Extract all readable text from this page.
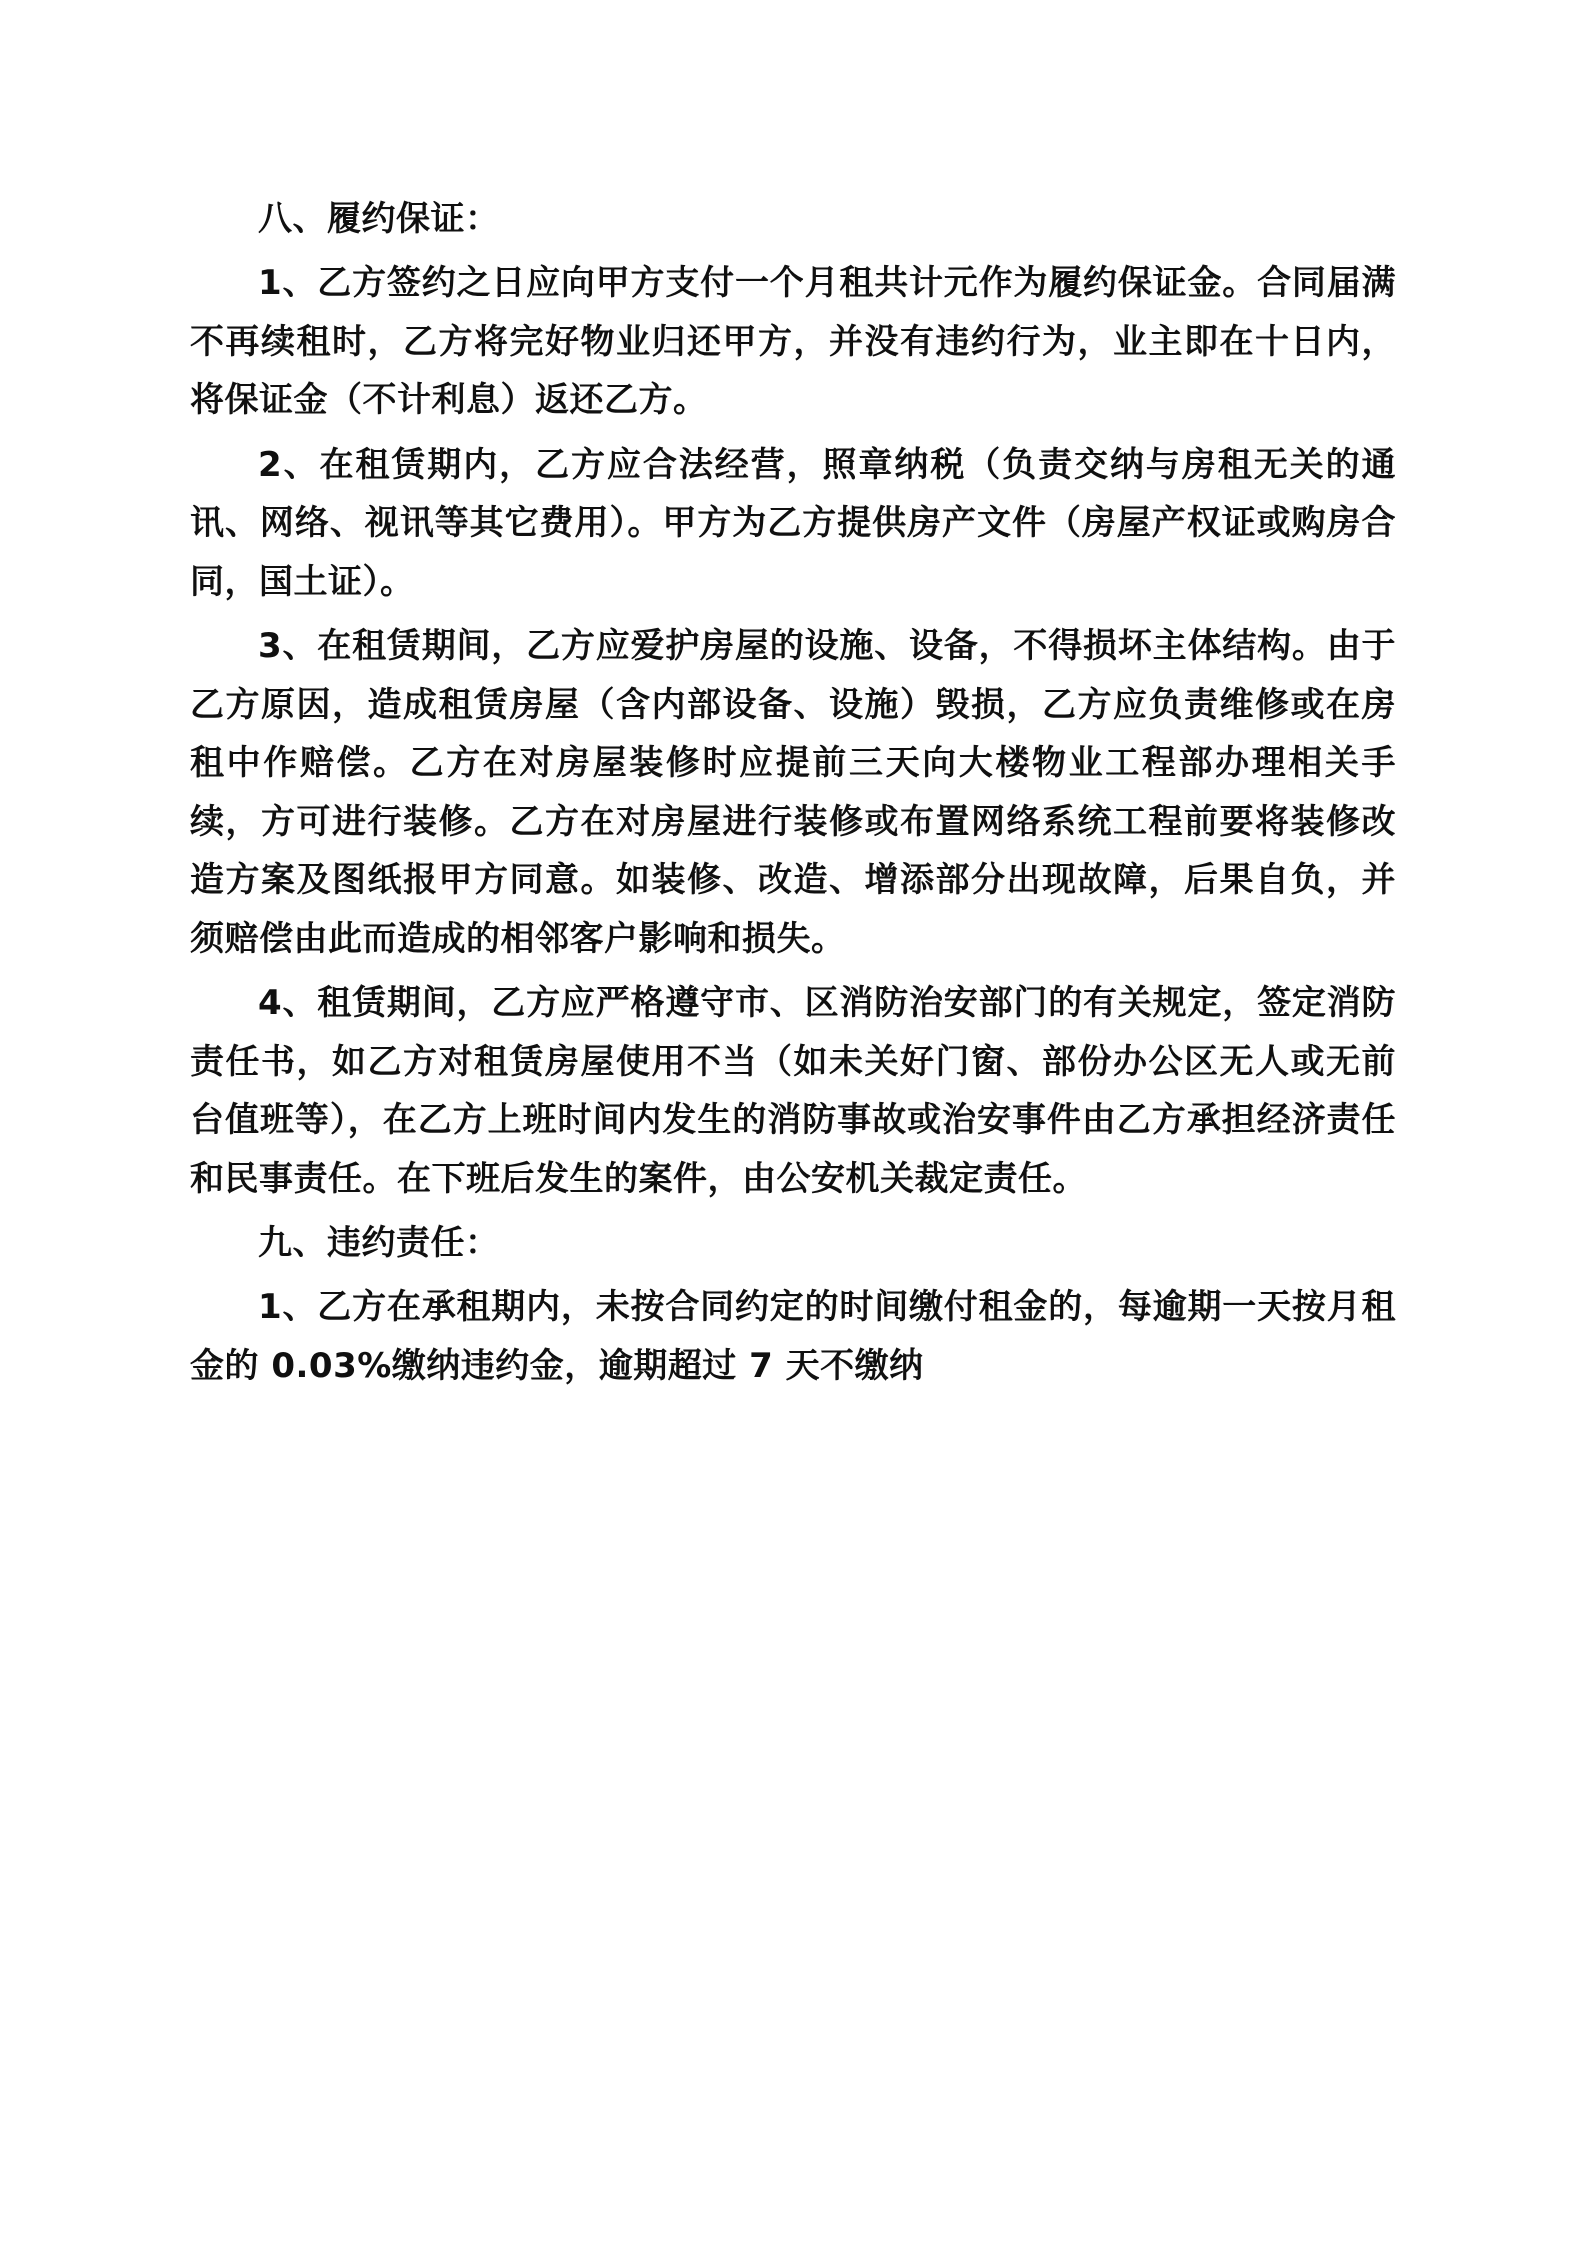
八、履约保证：

1、乙方签约之日应向甲方支付一个月租共计元作为履约保证金。合同届满不再续租时，乙方将完好物业归还甲方，并没有违约行为，业主即在十日内，将保证金（不计利息）返还乙方。

2、在租赁期内，乙方应合法经营，照章纳税（负责交纳与房租无关的通讯、网络、视讯等其它费用）。甲方为乙方提供房产文件（房屋产权证或购房合同，国土证）。

3、在租赁期间，乙方应爱护房屋的设施、设备，不得损坏主体结构。由于乙方原因，造成租赁房屋（含内部设备、设施）毁损，乙方应负责维修或在房租中作赔偿。乙方在对房屋装修时应提前三天向大楼物业工程部办理相关手续，方可进行装修。乙方在对房屋进行装修或布置网络系统工程前要将装修改造方案及图纸报甲方同意。如装修、改造、增添部分出现故障，后果自负，并须赔偿由此而造成的相邻客户影响和损失。

4、租赁期间，乙方应严格遵守市、区消防治安部门的有关规定，签定消防责任书，如乙方对租赁房屋使用不当（如未关好门窗、部份办公区无人或无前台值班等），在乙方上班时间内发生的消防事故或治安事件由乙方承担经济责任和民事责任。在下班后发生的案件，由公安机关裁定责任。

九、违约责任：

1、乙方在承租期内，未按合同约定的时间缴付租金的，每逾期一天按月租金的 0.03%缴纳违约金，逾期超过 7 天不缴纳
